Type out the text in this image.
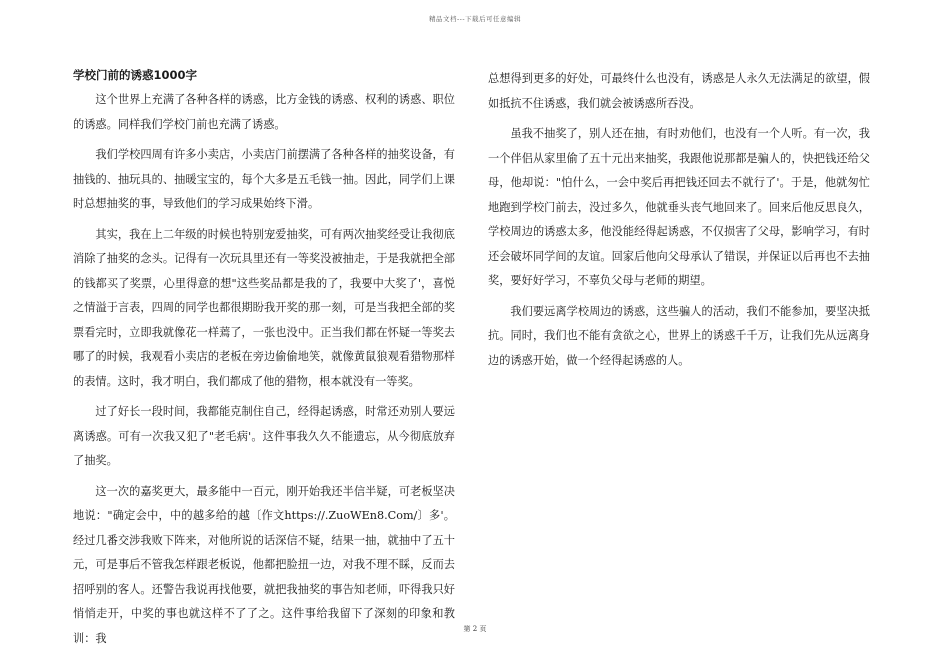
精品文档---下载后可任意编辑
学校门前的诱惑1000字

这个世界上充满了各种各样的诱惑，比方金钱的诱惑、权利的诱惑、职位的诱惑。同样我们学校门前也充满了诱惑。

我们学校四周有许多小卖店，小卖店门前摆满了各种各样的抽奖设备，有抽钱的、抽玩具的、抽暖宝宝的，每个大多是五毛钱一抽。因此，同学们上课时总想抽奖的事，导致他们的学习成果始终下滑。

其实，我在上二年级的时候也特别宠爱抽奖，可有两次抽奖经受让我彻底消除了抽奖的念头。记得有一次玩具里还有一等奖没被抽走，于是我就把全部的钱都买了奖票，心里得意的想"这些奖品都是我的了，我要中大奖了'，喜悦之情溢于言表，四周的同学也都很期盼我开奖的那一刻，可是当我把全部的奖票看完时，立即我就像花一样蔫了，一张也没中。正当我们都在怀疑一等奖去哪了的时候，我观看小卖店的老板在旁边偷偷地笑，就像黄鼠狼观看猎物那样的表情。这时，我才明白，我们都成了他的猎物，根本就没有一等奖。

过了好长一段时间，我都能克制住自己，经得起诱惑，时常还劝别人要远离诱惑。可有一次我又犯了"老毛病'。这件事我久久不能遗忘，从今彻底放弃了抽奖。

这一次的嘉奖更大，最多能中一百元，刚开始我还半信半疑，可老板坚决地说："确定会中，中的越多给的越〔作文https://.ZuoWEn8.Com/〕多'。经过几番交涉我败下阵来，对他所说的话深信不疑，结果一抽，就抽中了五十元，可是事后不管我怎样跟老板说，他都把脸扭一边，对我不理不睬，反而去招呼别的客人。还警告我说再找他要，就把我抽奖的事告知老师，吓得我只好悄悄走开，中奖的事也就这样不了了之。这件事给我留下了深刻的印象和教训：我

总想得到更多的好处，可最终什么也没有，诱惑是人永久无法满足的欲望，假如抵抗不住诱惑，我们就会被诱惑所吞没。

虽我不抽奖了，别人还在抽，有时劝他们，也没有一个人听。有一次，我一个伴侣从家里偷了五十元出来抽奖，我跟他说那都是骗人的，快把钱还给父母，他却说："怕什么，一会中奖后再把钱还回去不就行了'。于是，他就匆忙地跑到学校门前去，没过多久，他就垂头丧气地回来了。回来后他反思良久，学校周边的诱惑太多，他没能经得起诱惑，不仅损害了父母，影响学习，有时还会破坏同学间的友谊。回家后他向父母承认了错误，并保证以后再也不去抽奖，要好好学习，不辜负父母与老师的期望。

我们要远离学校周边的诱惑，这些骗人的活动，我们不能参加，要坚决抵抗。同时，我们也不能有贪欲之心，世界上的诱惑千千万，让我们先从远离身边的诱惑开始，做一个经得起诱惑的人。

第 2 页
